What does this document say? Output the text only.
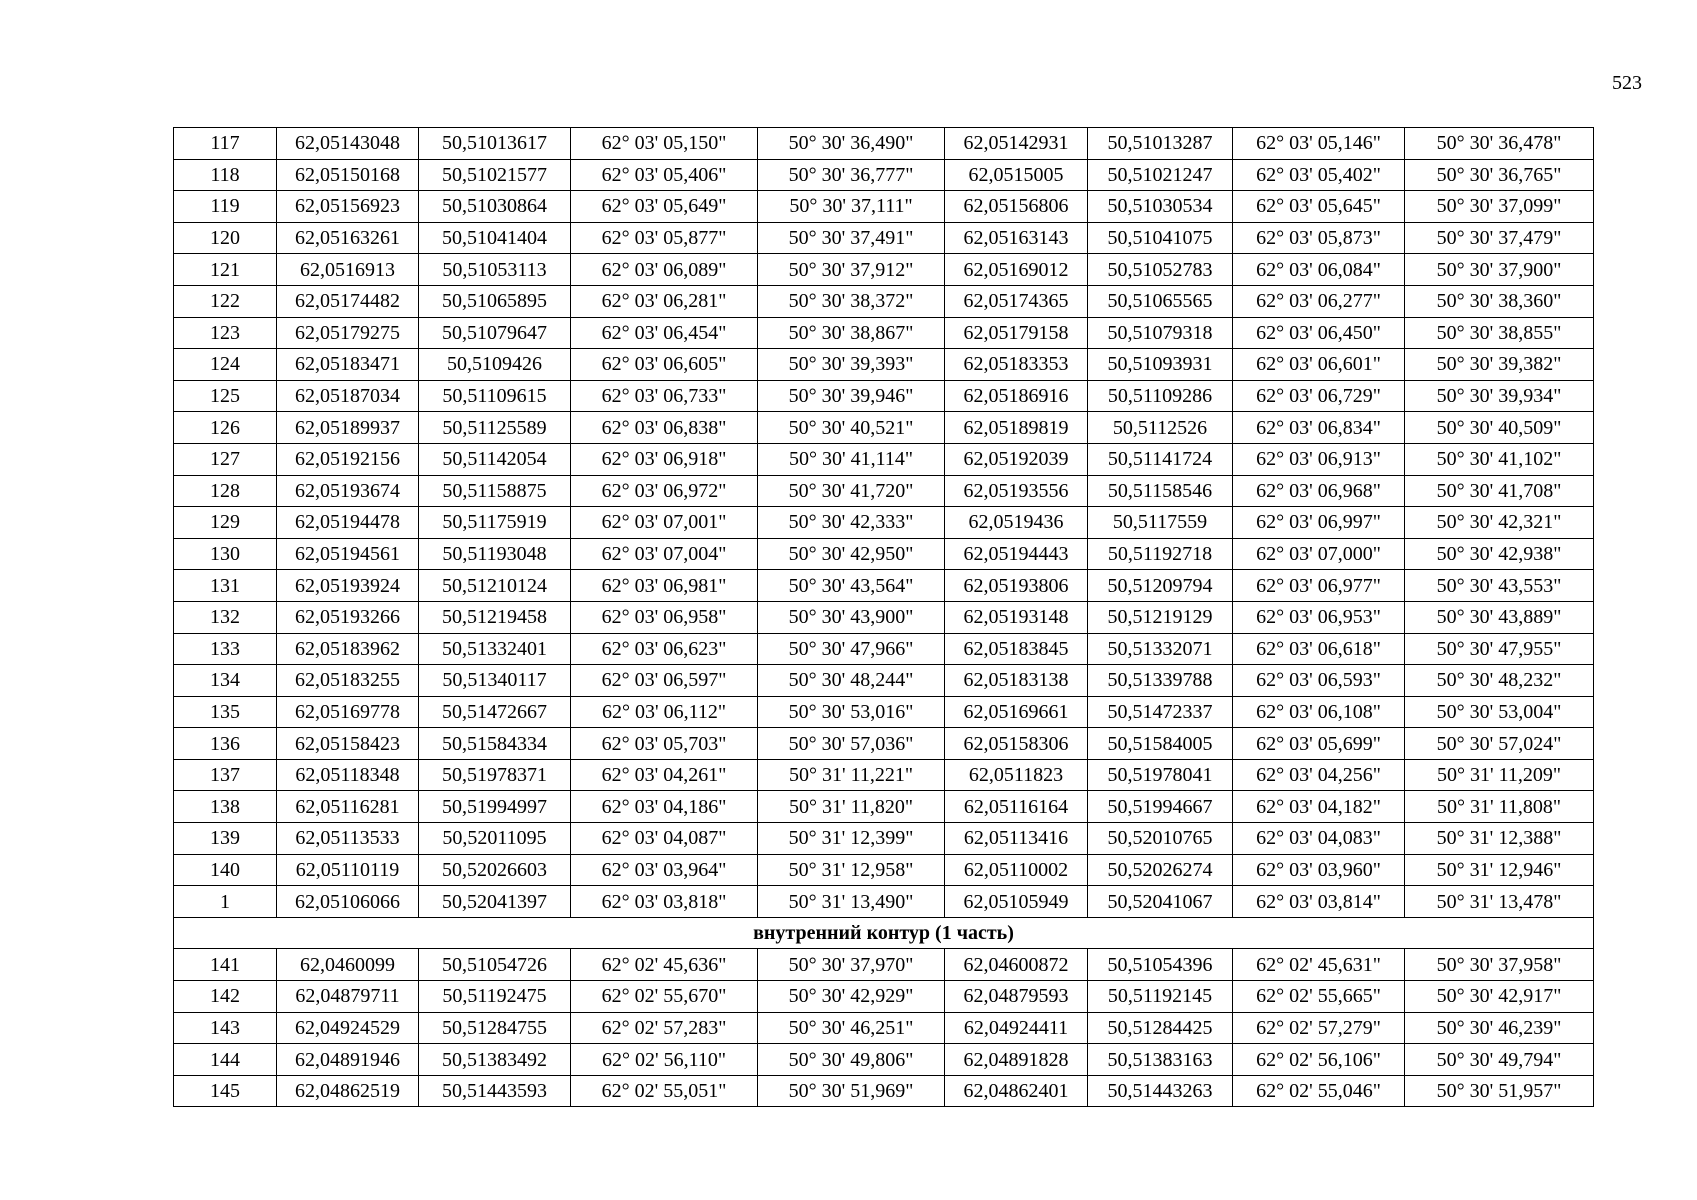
523
117	62,05143048	50,51013617	62° 03' 05,150"	50° 30' 36,490"	62,05142931	50,51013287	62° 03' 05,146"	50° 30' 36,478"
118	62,05150168	50,51021577	62° 03' 05,406"	50° 30' 36,777"	62,0515005	50,51021247	62° 03' 05,402"	50° 30' 36,765"
119	62,05156923	50,51030864	62° 03' 05,649"	50° 30' 37,111"	62,05156806	50,51030534	62° 03' 05,645"	50° 30' 37,099"
120	62,05163261	50,51041404	62° 03' 05,877"	50° 30' 37,491"	62,05163143	50,51041075	62° 03' 05,873"	50° 30' 37,479"
121	62,0516913	50,51053113	62° 03' 06,089"	50° 30' 37,912"	62,05169012	50,51052783	62° 03' 06,084"	50° 30' 37,900"
122	62,05174482	50,51065895	62° 03' 06,281"	50° 30' 38,372"	62,05174365	50,51065565	62° 03' 06,277"	50° 30' 38,360"
123	62,05179275	50,51079647	62° 03' 06,454"	50° 30' 38,867"	62,05179158	50,51079318	62° 03' 06,450"	50° 30' 38,855"
124	62,05183471	50,5109426	62° 03' 06,605"	50° 30' 39,393"	62,05183353	50,51093931	62° 03' 06,601"	50° 30' 39,382"
125	62,05187034	50,51109615	62° 03' 06,733"	50° 30' 39,946"	62,05186916	50,51109286	62° 03' 06,729"	50° 30' 39,934"
126	62,05189937	50,51125589	62° 03' 06,838"	50° 30' 40,521"	62,05189819	50,5112526	62° 03' 06,834"	50° 30' 40,509"
127	62,05192156	50,51142054	62° 03' 06,918"	50° 30' 41,114"	62,05192039	50,51141724	62° 03' 06,913"	50° 30' 41,102"
128	62,05193674	50,51158875	62° 03' 06,972"	50° 30' 41,720"	62,05193556	50,51158546	62° 03' 06,968"	50° 30' 41,708"
129	62,05194478	50,51175919	62° 03' 07,001"	50° 30' 42,333"	62,0519436	50,5117559	62° 03' 06,997"	50° 30' 42,321"
130	62,05194561	50,51193048	62° 03' 07,004"	50° 30' 42,950"	62,05194443	50,51192718	62° 03' 07,000"	50° 30' 42,938"
131	62,05193924	50,51210124	62° 03' 06,981"	50° 30' 43,564"	62,05193806	50,51209794	62° 03' 06,977"	50° 30' 43,553"
132	62,05193266	50,51219458	62° 03' 06,958"	50° 30' 43,900"	62,05193148	50,51219129	62° 03' 06,953"	50° 30' 43,889"
133	62,05183962	50,51332401	62° 03' 06,623"	50° 30' 47,966"	62,05183845	50,51332071	62° 03' 06,618"	50° 30' 47,955"
134	62,05183255	50,51340117	62° 03' 06,597"	50° 30' 48,244"	62,05183138	50,51339788	62° 03' 06,593"	50° 30' 48,232"
135	62,05169778	50,51472667	62° 03' 06,112"	50° 30' 53,016"	62,05169661	50,51472337	62° 03' 06,108"	50° 30' 53,004"
136	62,05158423	50,51584334	62° 03' 05,703"	50° 30' 57,036"	62,05158306	50,51584005	62° 03' 05,699"	50° 30' 57,024"
137	62,05118348	50,51978371	62° 03' 04,261"	50° 31' 11,221"	62,0511823	50,51978041	62° 03' 04,256"	50° 31' 11,209"
138	62,05116281	50,51994997	62° 03' 04,186"	50° 31' 11,820"	62,05116164	50,51994667	62° 03' 04,182"	50° 31' 11,808"
139	62,05113533	50,52011095	62° 03' 04,087"	50° 31' 12,399"	62,05113416	50,52010765	62° 03' 04,083"	50° 31' 12,388"
140	62,05110119	50,52026603	62° 03' 03,964"	50° 31' 12,958"	62,05110002	50,52026274	62° 03' 03,960"	50° 31' 12,946"
1	62,05106066	50,52041397	62° 03' 03,818"	50° 31' 13,490"	62,05105949	50,52041067	62° 03' 03,814"	50° 31' 13,478"
внутренний контур (1 часть)								
141	62,0460099	50,51054726	62° 02' 45,636"	50° 30' 37,970"	62,04600872	50,51054396	62° 02' 45,631"	50° 30' 37,958"
142	62,04879711	50,51192475	62° 02' 55,670"	50° 30' 42,929"	62,04879593	50,51192145	62° 02' 55,665"	50° 30' 42,917"
143	62,04924529	50,51284755	62° 02' 57,283"	50° 30' 46,251"	62,04924411	50,51284425	62° 02' 57,279"	50° 30' 46,239"
144	62,04891946	50,51383492	62° 02' 56,110"	50° 30' 49,806"	62,04891828	50,51383163	62° 02' 56,106"	50° 30' 49,794"
145	62,04862519	50,51443593	62° 02' 55,051"	50° 30' 51,969"	62,04862401	50,51443263	62° 02' 55,046"	50° 30' 51,957"
